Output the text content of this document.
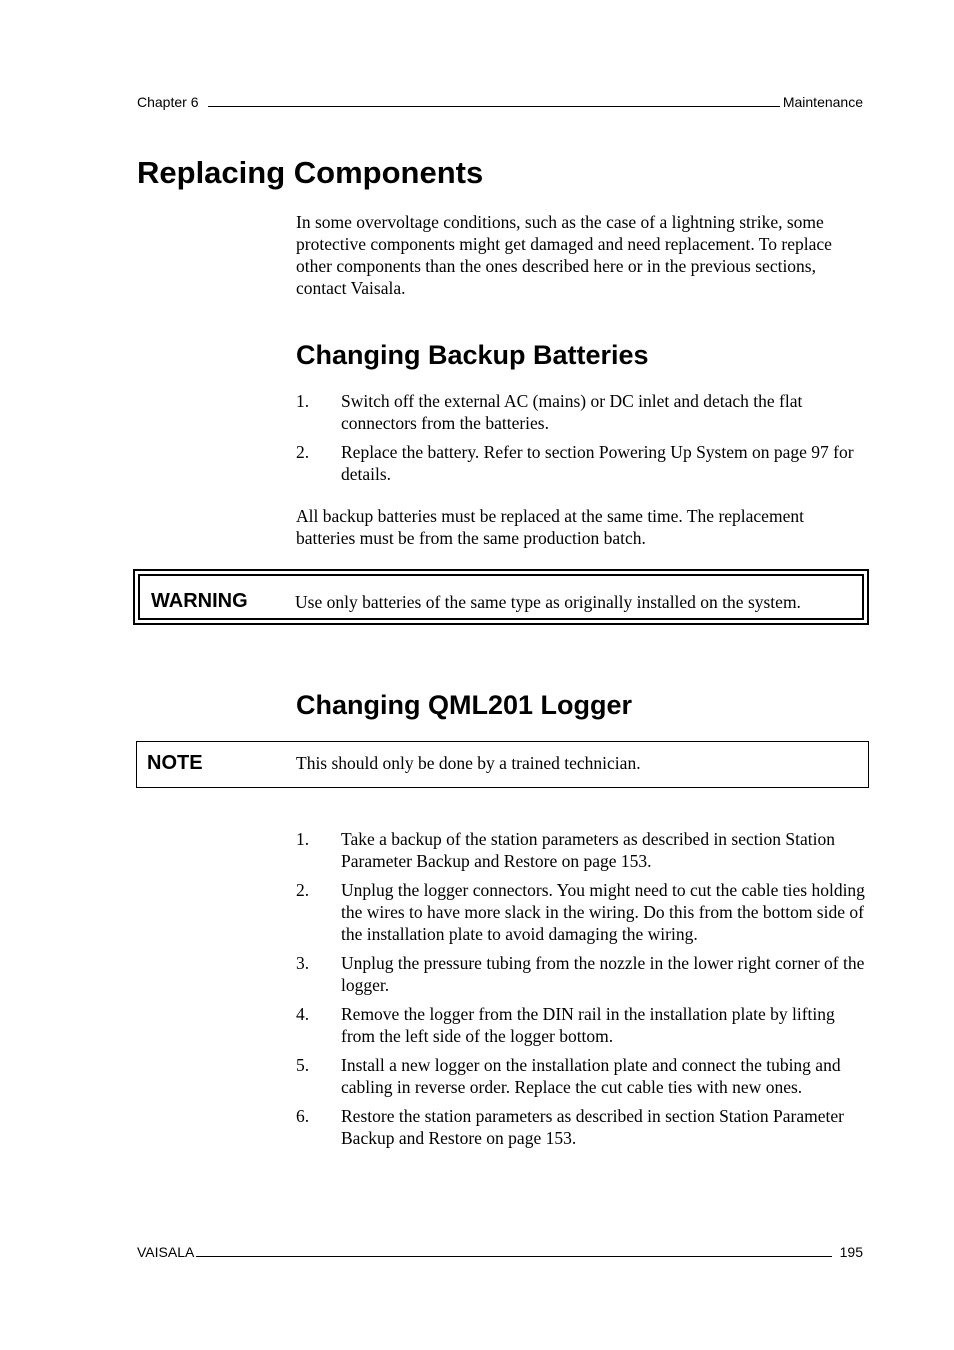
Chapter 6	Maintenance
Replacing Components

In some overvoltage conditions, such as the case of a lightning strike, some protective components might get damaged and need replacement. To replace other components than the ones described here or in the previous sections, contact Vaisala.

Changing Backup Batteries
1.	Switch off the external AC (mains) or DC inlet and detach the flat connectors from the batteries.
2.	Replace the battery. Refer to section Powering Up System on page 97 for details.

All backup batteries must be replaced at the same time. The replacement batteries must be from the same production batch.

WARNING	Use only batteries of the same type as originally installed on the system.
Changing QML201 Logger
NOTE	This should only be done by a trained technician.
1.	Take a backup of the station parameters as described in section Station Parameter Backup and Restore on page 153.
2.	Unplug the logger connectors. You might need to cut the cable ties holding the wires to have more slack in the wiring. Do this from the bottom side of the installation plate to avoid damaging the wiring.
3.	Unplug the pressure tubing from the nozzle in the lower right corner of the logger.
4.	Remove the logger from the DIN rail in the installation plate by lifting from the left side of the logger bottom.
5.	Install a new logger on the installation plate and connect the tubing and cabling in reverse order. Replace the cut cable ties with new ones.
6.	Restore the station parameters as described in section Station Parameter Backup and Restore on page 153.
VAISALA	195
